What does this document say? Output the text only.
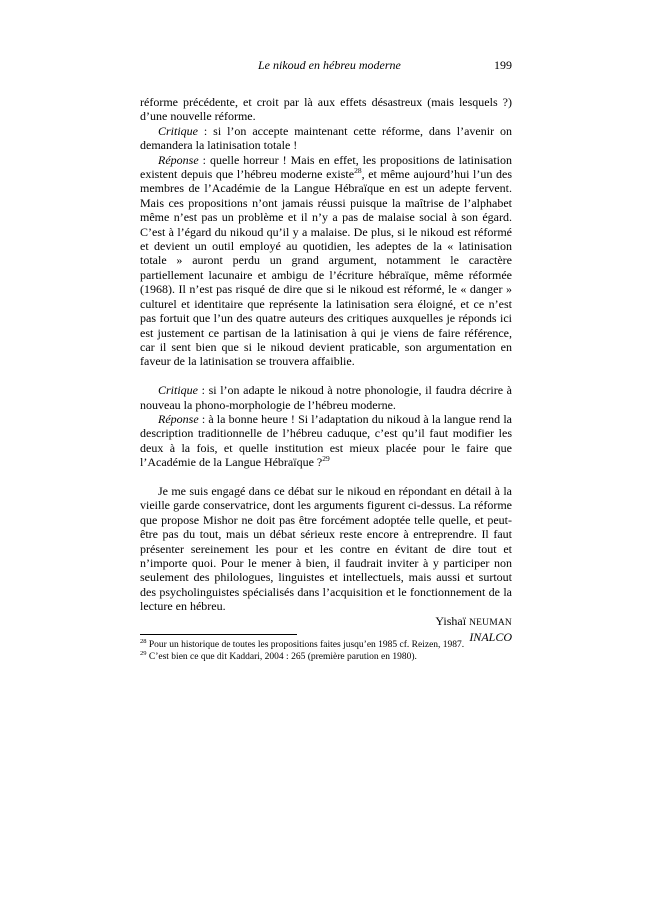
Le nikoud en hébreu moderne	199

réforme précédente, et croit par là aux effets désastreux (mais lesquels ?) d’une nouvelle réforme.

Critique : si l’on accepte maintenant cette réforme, dans l’avenir on demandera la latinisation totale !

Réponse : quelle horreur ! Mais en effet, les propositions de latinisation existent depuis que l’hébreu moderne existe$^{28}$, et même aujourd’hui l’un des membres de l’Académie de la Langue Hébraïque en est un adepte fervent. Mais ces propositions n’ont jamais réussi puisque la maîtrise de l’alphabet même n’est pas un problème et il n’y a pas de malaise social à son égard. C’est à l’égard du nikoud qu’il y a malaise. De plus, si le nikoud est réformé et devient un outil employé au quotidien, les adeptes de la « latinisation totale » auront perdu un grand argument, notamment le caractère partiellement lacunaire et ambigu de l’écriture hébraïque, même réformée (1968). Il n’est pas risqué de dire que si le nikoud est réformé, le « danger » culturel et identitaire que représente la latinisation sera éloigné, et ce n’est pas fortuit que l’un des quatre auteurs des critiques auxquelles je réponds ici est justement ce partisan de la latinisation à qui je viens de faire référence, car il sent bien que si le nikoud devient praticable, son argumentation en faveur de la latinisation se trouvera affaiblie.

Critique : si l’on adapte le nikoud à notre phonologie, il faudra décrire à nouveau la phono-morphologie de l’hébreu moderne.

Réponse : à la bonne heure ! Si l’adaptation du nikoud à la langue rend la description traditionnelle de l’hébreu caduque, c’est qu’il faut modifier les deux à la fois, et quelle institution est mieux placée pour le faire que l’Académie de la Langue Hébraïque ?$^{29}$

Je me suis engagé dans ce débat sur le nikoud en répondant en détail à la vieille garde conservatrice, dont les arguments figurent ci-dessus. La réforme que propose Mishor ne doit pas être forcément adoptée telle quelle, et peut-être pas du tout, mais un débat sérieux reste encore à entreprendre. Il faut présenter sereinement les pour et les contre en évitant de dire tout et n’importe quoi. Pour le mener à bien, il faudrait inviter à y participer non seulement des philologues, linguistes et intellectuels, mais aussi et surtout des psycholinguistes spécialisés dans l’acquisition et le fonctionnement de la lecture en hébreu.

Yishaï NEUMAN

INALCO

$^{28}$ Pour un historique de toutes les propositions faites jusqu’en 1985 cf. Reizen, 1987.
$^{29}$ C’est bien ce que dit Kaddari, 2004 : 265 (première parution en 1980).
